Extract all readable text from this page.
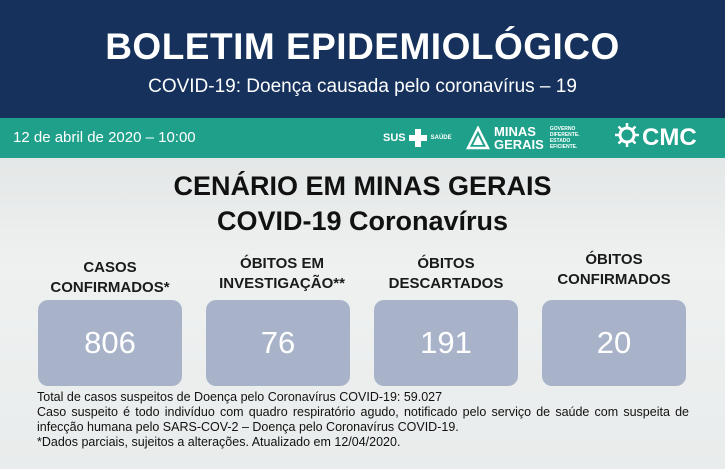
BOLETIM EPIDEMIOLÓGICO
COVID-19: Doença causada pelo coronavírus – 19
12 de abril de 2020 – 10:00	SUS	SAÚDE	MINAS
GERAIS
GOVERNO
DIFERENTE.
ESTADO
EFICIENTE.	CMC
CENÁRIO EM MINAS GERAIS
COVID-19 Coronavírus
CASOS
CONFIRMADOS*
806
ÓBITOS EM
INVESTIGAÇÃO**
76
ÓBITOS
DESCARTADOS
191
ÓBITOS
CONFIRMADOS
20

Total de casos suspeitos de Doença pelo Coronavírus COVID-19: 59.027

Caso suspeito é todo indivíduo com quadro respiratório agudo, notificado pelo serviço de saúde com suspeita de infecção humana pelo SARS-COV-2 – Doença pelo Coronavírus COVID-19.

*Dados parciais, sujeitos a alterações. Atualizado em 12/04/2020.
